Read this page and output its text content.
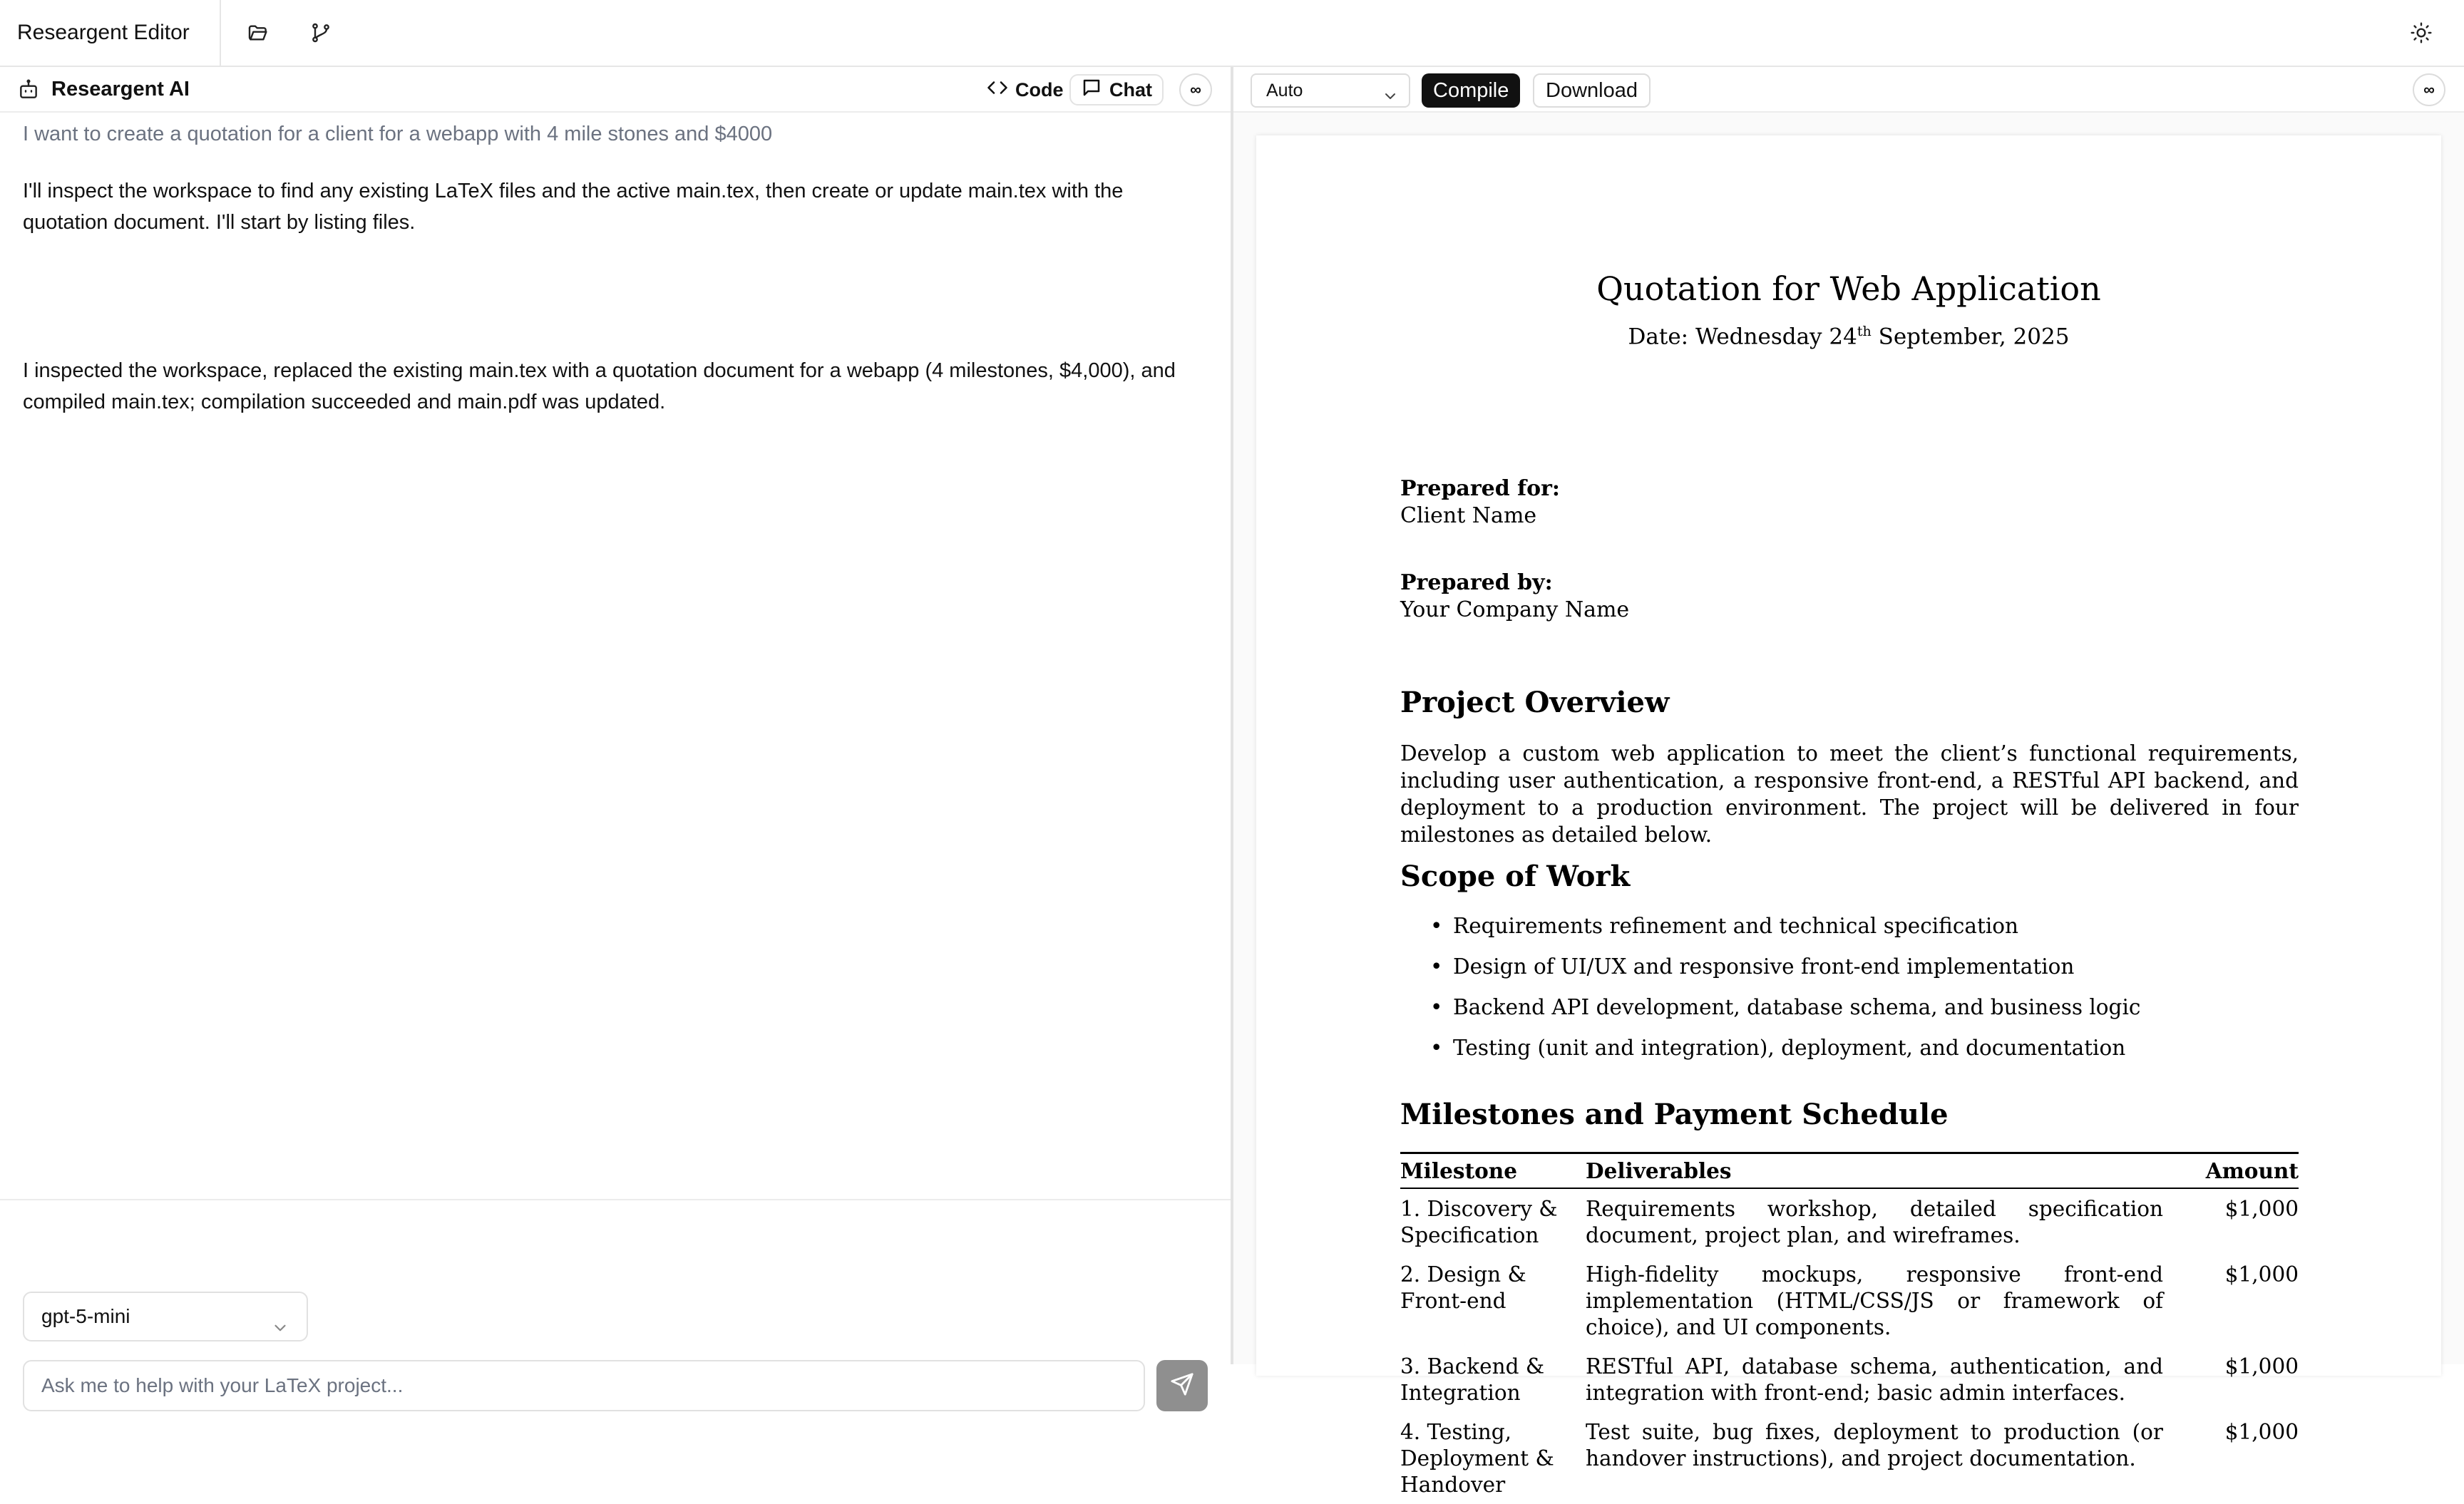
Researgent Editor
Researgent AI	Code Chat	∞
I want to create a quotation for a client for a webapp with 4 mile stones and $4000
I'll inspect the workspace to find any existing LaTeX files and the active main.tex, then create or update main.tex with the quotation document. I'll start by listing files.
I inspected the workspace, replaced the existing main.tex with a quotation document for a webapp (4 milestones, $4,000), and compiled main.tex; compilation succeeded and main.pdf was updated.
gpt-5-mini
Ask me to help with your LaTeX project...
Auto	Compile	Download	∞
Quotation for Web Application
Date: Wednesday 24th September, 2025
Prepared for:
Client Name
Prepared by:
Your Company Name
Project Overview
Develop a custom web application to meet the client’s functional requirements, including user authentication, a responsive front-end, a RESTful API backend, and deployment to a production environment. The project will be delivered in four milestones as detailed below.
Scope of Work
• Requirements refinement and technical specification
• Design of UI/UX and responsive front-end implementation
• Backend API development, database schema, and business logic
• Testing (unit and integration), deployment, and documentation
Milestones and Payment Schedule
Milestone	Deliverables	Amount
1. Discovery & Specification	Requirements workshop, detailed specification document, project plan, and wireframes.	$1,000
2. Design & Front-end	High-fidelity mockups, responsive front-end implementation (HTML/CSS/JS or framework of choice), and UI components.	$1,000
3. Backend & Integration	RESTful API, database schema, authentication, and integration with front-end; basic admin interfaces.	$1,000
4. Testing, Deployment & Handover	Test suite, bug fixes, deployment to production (or handover instructions), and project documentation.	$1,000
